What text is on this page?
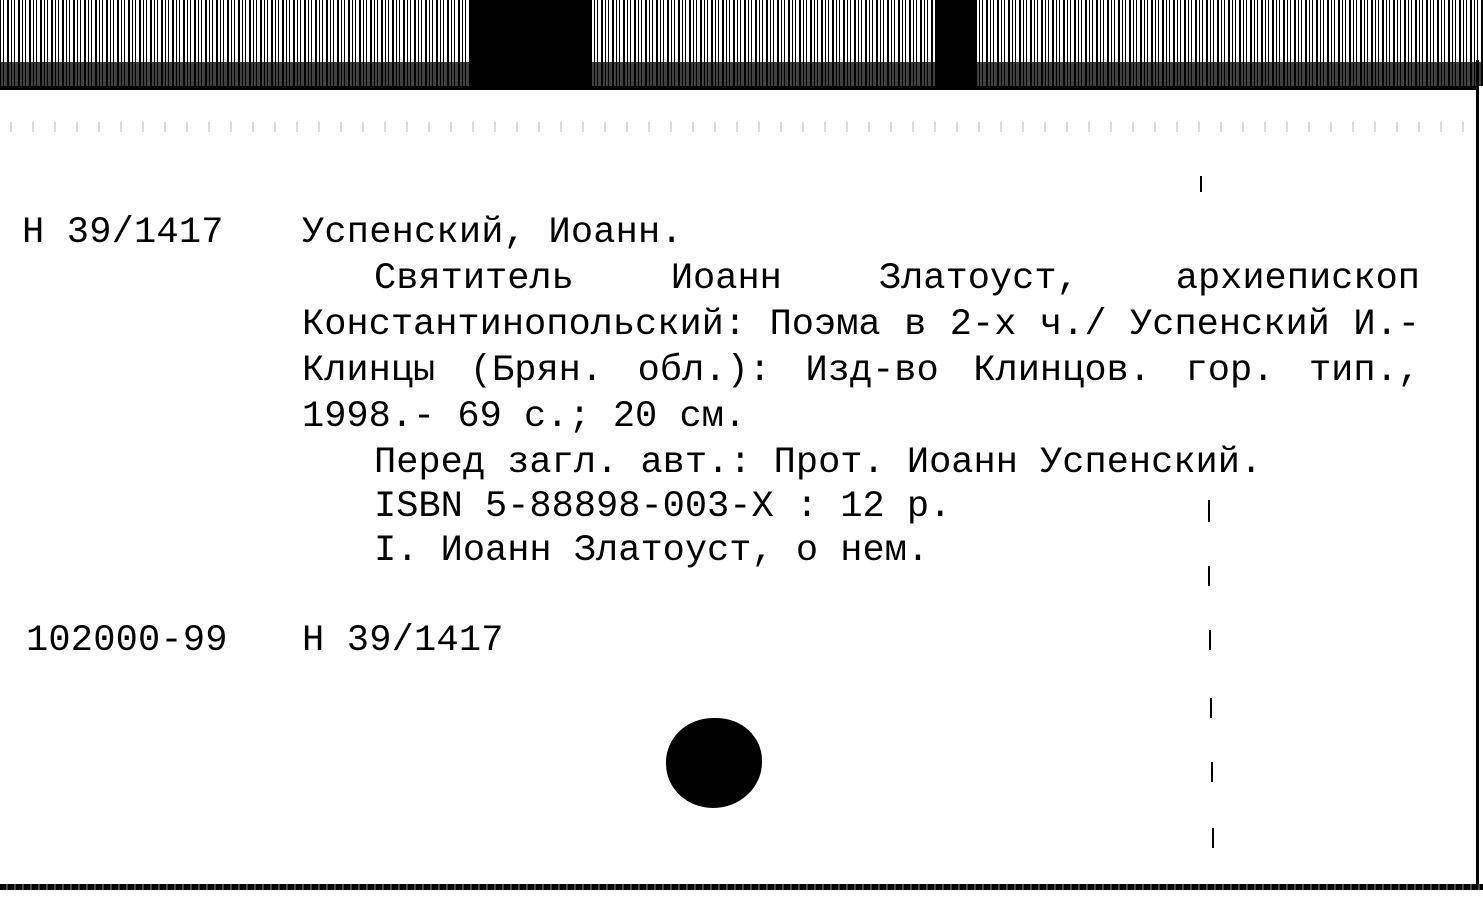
Н 39/1417 Успенский, Иоанн.
Святитель Иоанн Златоуст, архиепископ Константинопольский: Поэма в 2-х ч./ Успенский И.- Клинцы (Брян. обл.): Изд-во Клинцов. гор. тип., 1998.- 69 с.; 20 см.
Перед загл. авт.: Прот. Иоанн Успенский.
ISBN 5-88898-003-X : 12 р.
I. Иоанн Златоуст, о нем.
102000-99 Н 39/1417
